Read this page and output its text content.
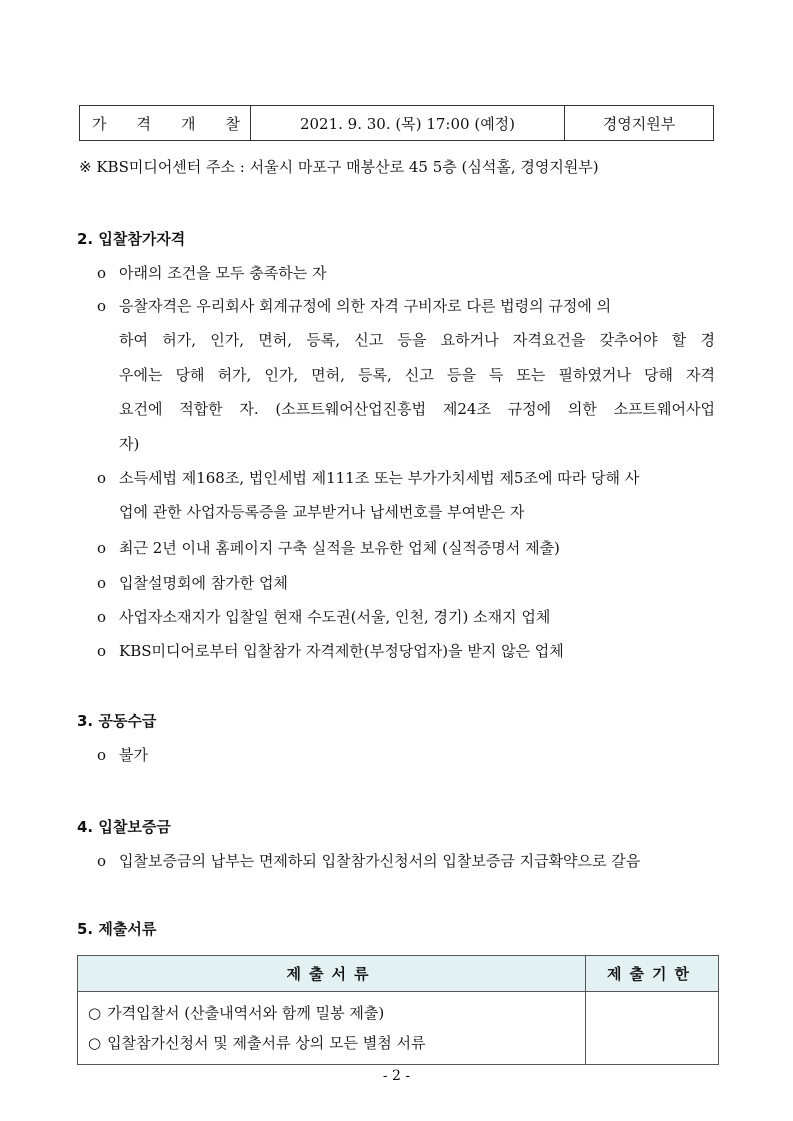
가 격 개 찰	2021. 9. 30. (목) 17:00 (예정)	경영지원부
※ KBS미디어센터 주소 : 서울시 마포구 매봉산로 45 5층 (심석홀, 경영지원부)
2. 입찰참가자격
o 아래의 조건을 모두 충족하는 자
o 응찰자격은 우리회사 회계규정에 의한 자격 구비자로 다른 법령의 규정에 의
하여 허가, 인가, 면허, 등록, 신고 등을 요하거나 자격요건을 갖추어야 할 경
우에는 당해 허가, 인가, 면허, 등록, 신고 등을 득 또는 필하였거나 당해 자격
요건에 적합한 자. (소프트웨어산업진흥법 제24조 규정에 의한 소프트웨어사업
자)
o 소득세법 제168조, 법인세법 제111조 또는 부가가치세법 제5조에 따라 당해 사
업에 관한 사업자등록증을 교부받거나 납세번호를 부여받은 자
o 최근 2년 이내 홈페이지 구축 실적을 보유한 업체 (실적증명서 제출)
o 입찰설명회에 참가한 업체
o 사업자소재지가 입찰일 현재 수도권(서울, 인천, 경기) 소재지 업체
o KBS미디어로부터 입찰참가 자격제한(부정당업자)을 받지 않은 업체
3. 공동수급
o 불가
4. 입찰보증금
o 입찰보증금의 납부는 면제하되 입찰참가신청서의 입찰보증금 지급확약으로 갈음
5. 제출서류
제출서류	제출기한

○ 가격입찰서 (산출내역서와 함께 밀봉 제출)
○ 입찰참가신청서 및 제출서류 상의 모든 별첨 서류	

- 2 -
